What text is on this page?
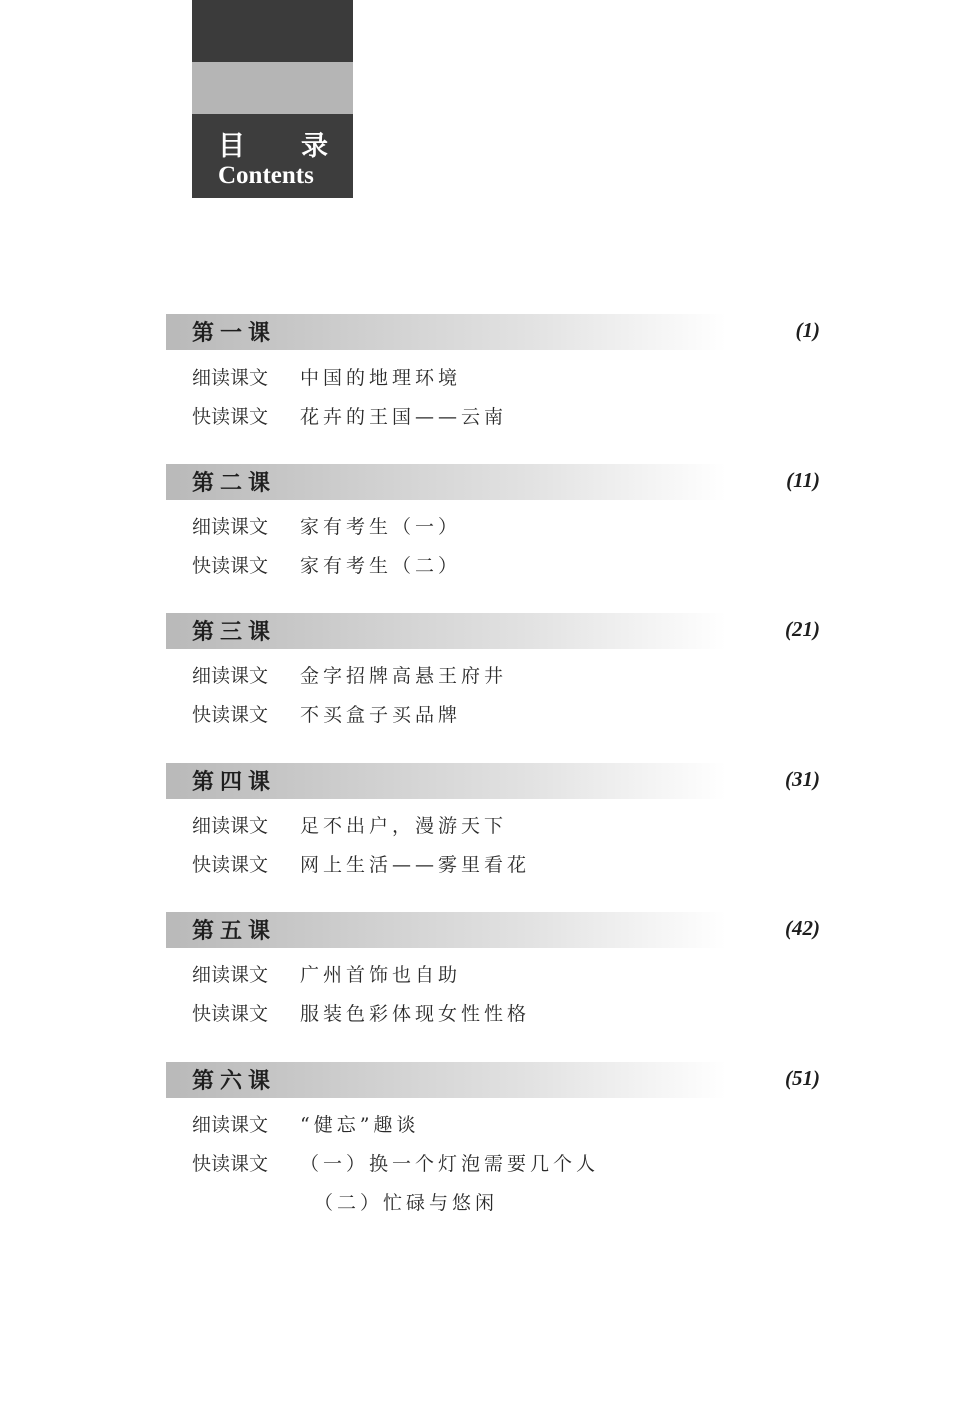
目录
Contents
第一课	(1)
细读课文 中国的地理环境
快读课文 花卉的王国——云南
第二课	(11)
细读课文 家有考生（一）
快读课文 家有考生（二）
第三课	(21)
细读课文 金字招牌高悬王府井
快读课文 不买盒子买品牌
第四课	(31)
细读课文 足不出户，漫游天下
快读课文 网上生活——雾里看花
第五课	(42)
细读课文 广州首饰也自助
快读课文 服装色彩体现女性性格
第六课	(51)
细读课文 “健忘”趣谈
快读课文 （一）换一个灯泡需要几个人
（二）忙碌与悠闲
